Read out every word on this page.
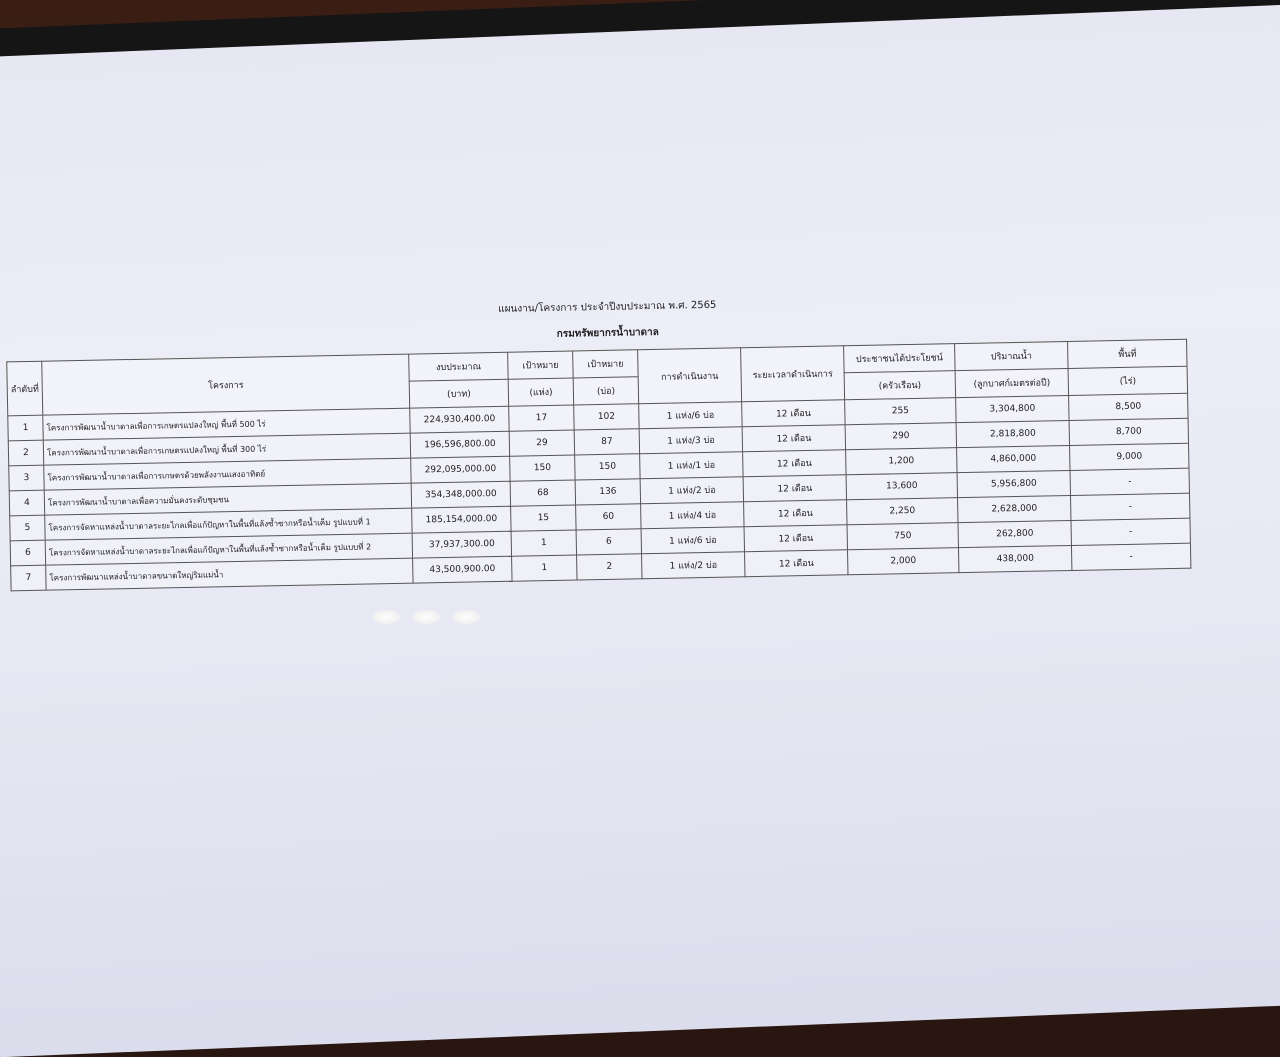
แผนงาน/โครงการ ประจำปีงบประมาณ พ.ศ. 2565
กรมทรัพยากรน้ำบาดาล
ลำดับที่	โครงการ	งบประมาณ	เป้าหมาย	เป้าหมาย	การดำเนินงาน	ระยะเวลาดำเนินการ	ประชาชนได้ประโยชน์	ปริมาณน้ำ	พื้นที่

		(บาท)	(แห่ง)	(บ่อ)			(ครัวเรือน)	(ลูกบาศก์เมตรต่อปี)	(ไร่)
1	โครงการพัฒนาน้ำบาดาลเพื่อการเกษตรแปลงใหญ่ พื้นที่ 500 ไร่	224,930,400.00	17	102	1 แห่ง/6 บ่อ	12 เดือน	255	3,304,800	8,500
2	โครงการพัฒนาน้ำบาดาลเพื่อการเกษตรแปลงใหญ่ พื้นที่ 300 ไร่	196,596,800.00	29	87	1 แห่ง/3 บ่อ	12 เดือน	290	2,818,800	8,700
3	โครงการพัฒนาน้ำบาดาลเพื่อการเกษตรด้วยพลังงานแสงอาทิตย์	292,095,000.00	150	150	1 แห่ง/1 บ่อ	12 เดือน	1,200	4,860,000	9,000
4	โครงการพัฒนาน้ำบาดาลเพื่อความมั่นคงระดับชุมชน	354,348,000.00	68	136	1 แห่ง/2 บ่อ	12 เดือน	13,600	5,956,800	-
5	โครงการจัดหาแหล่งน้ำบาดาลระยะไกลเพื่อแก้ปัญหาในพื้นที่แล้งซ้ำซากหรือน้ำเค็ม รูปแบบที่ 1	185,154,000.00	15	60	1 แห่ง/4 บ่อ	12 เดือน	2,250	2,628,000	-
6	โครงการจัดหาแหล่งน้ำบาดาลระยะไกลเพื่อแก้ปัญหาในพื้นที่แล้งซ้ำซากหรือน้ำเค็ม รูปแบบที่ 2	37,937,300.00	1	6	1 แห่ง/6 บ่อ	12 เดือน	750	262,800	-
7	โครงการพัฒนาแหล่งน้ำบาดาลขนาดใหญ่ริมแม่น้ำ	43,500,900.00	1	2	1 แห่ง/2 บ่อ	12 เดือน	2,000	438,000	-
